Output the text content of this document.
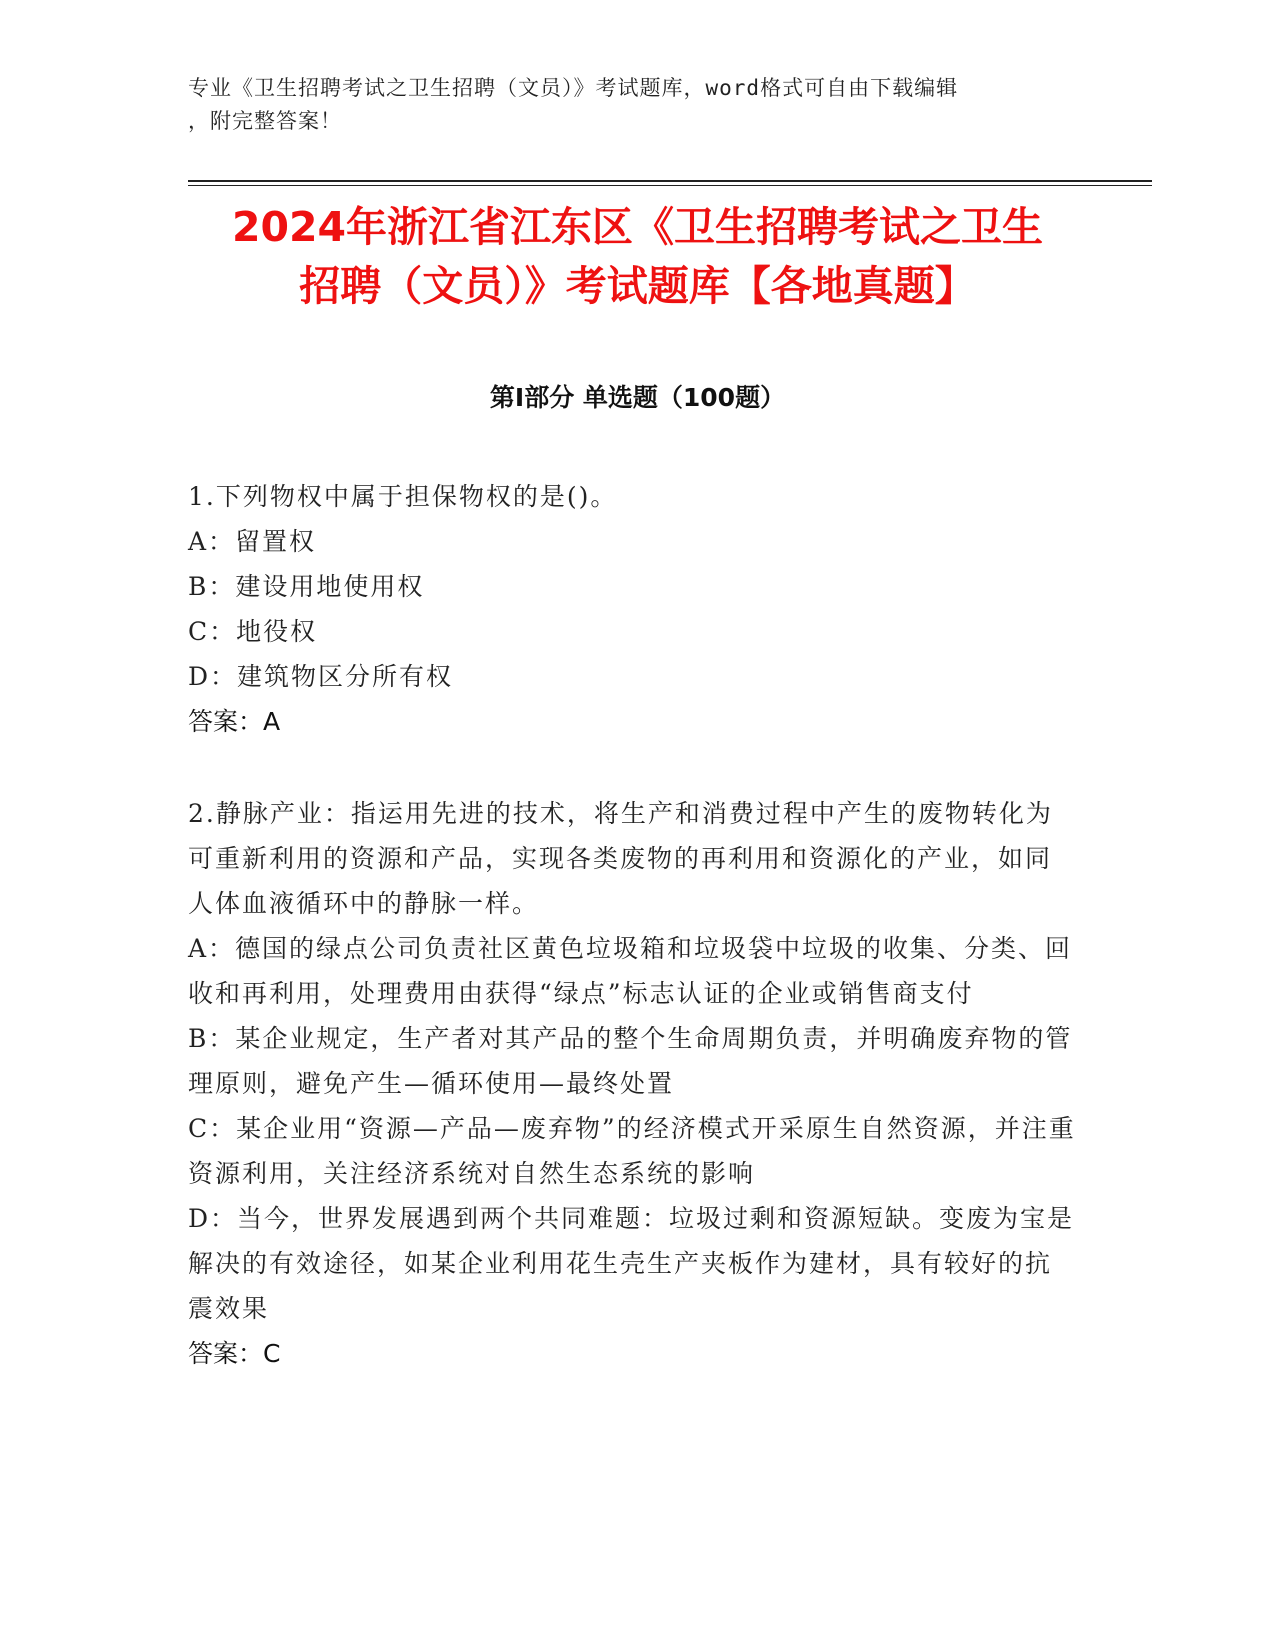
专业《卫生招聘考试之卫生招聘（文员）》考试题库，word格式可自由下载编辑
，附完整答案！
2024年浙江省江东区《卫生招聘考试之卫生
招聘（文员）》考试题库【各地真题】
第Ⅰ部分 单选题（100题）

1.下列物权中属于担保物权的是()。

A：留置权

B：建设用地使用权

C：地役权

D：建筑物区分所有权

答案：A

2.静脉产业：指运用先进的技术，将生产和消费过程中产生的废物转化为可重新利用的资源和产品，实现各类废物的再利用和资源化的产业，如同人体血液循环中的静脉一样。

A：德国的绿点公司负责社区黄色垃圾箱和垃圾袋中垃圾的收集、分类、回收和再利用，处理费用由获得“绿点”标志认证的企业或销售商支付

B：某企业规定，生产者对其产品的整个生命周期负责，并明确废弃物的管理原则，避免产生—循环使用—最终处置

C：某企业用“资源—产品—废弃物”的经济模式开采原生自然资源，并注重资源利用，关注经济系统对自然生态系统的影响

D：当今，世界发展遇到两个共同难题：垃圾过剩和资源短缺。变废为宝是解决的有效途径，如某企业利用花生壳生产夹板作为建材，具有较好的抗震效果

答案：C
